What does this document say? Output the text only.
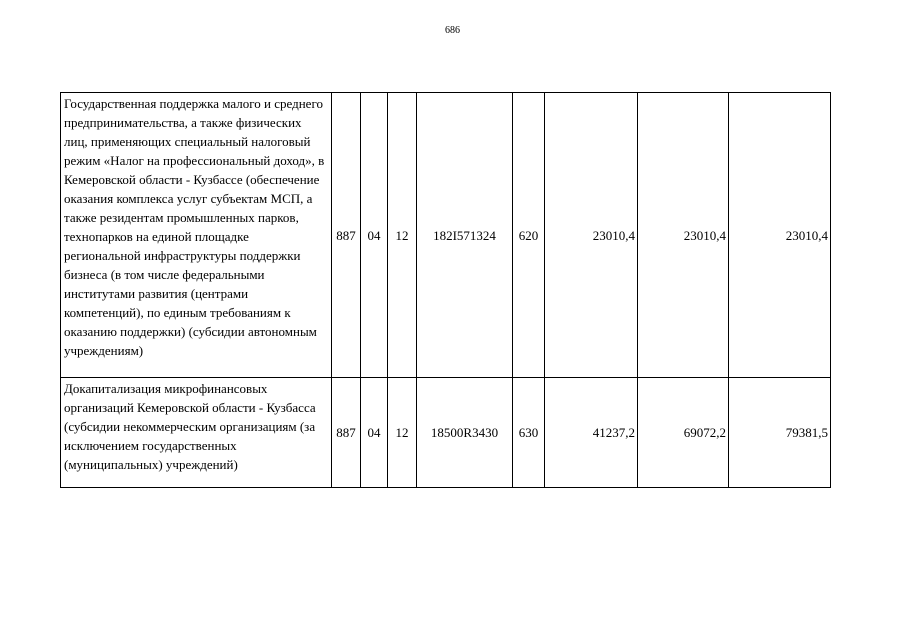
686
Государственная поддержка малого и среднего предпринимательства, а также физических лиц, применяющих специальный налоговый режим «Налог на профессиональный доход», в Кемеровской области - Кузбассе (обеспечение оказания комплекса услуг субъектам МСП, а также резидентам промышленных парков, технопарков на единой площадке региональной инфраструктуры поддержки бизнеса (в том числе федеральными институтами развития (центрами компетенций), по единым требованиям к оказанию поддержки) (субсидии автономным учреждениям)	887	04	12	182I571324	620	23010,4	23010,4	23010,4
Докапитализация микрофинансовых организаций Кемеровской области - Кузбасса (субсидии некоммерческим организациям (за исключением государственных (муниципальных) учреждений)	887	04	12	18500R3430	630	41237,2	69072,2	79381,5
